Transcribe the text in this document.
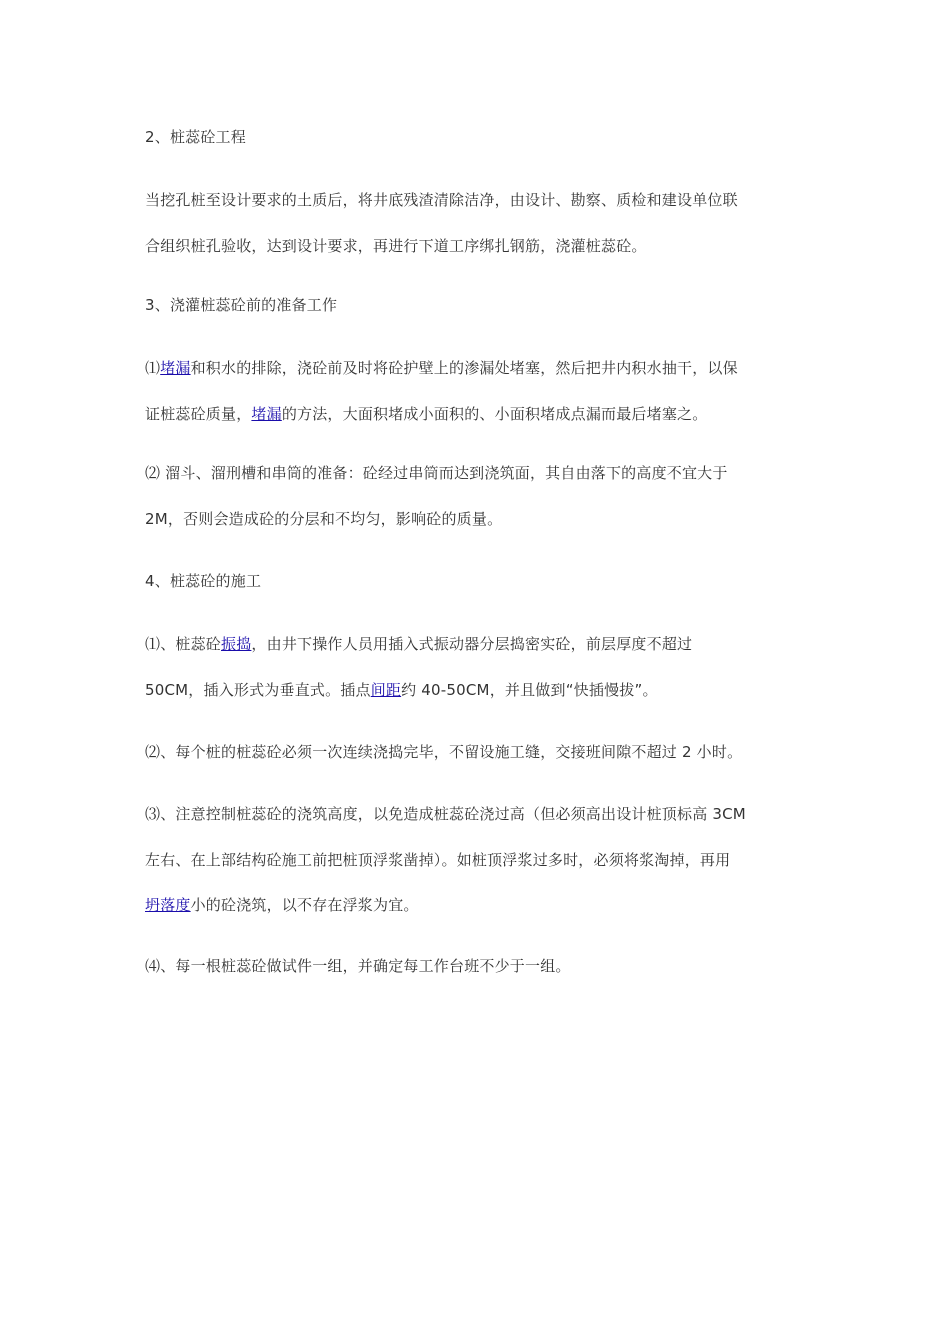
2、桩蕊砼工程
当挖孔桩至设计要求的土质后，将井底残渣清除洁净，由设计、勘察、质检和建设单位联
合组织桩孔验收，达到设计要求，再进行下道工序绑扎钢筋，浇灌桩蕊砼。
3、浇灌桩蕊砼前的准备工作
⑴堵漏和积水的排除，浇砼前及时将砼护壁上的渗漏处堵塞，然后把井内积水抽干，以保
证桩蕊砼质量，堵漏的方法，大面积堵成小面积的、小面积堵成点漏而最后堵塞之。
⑵ 溜斗、溜刑槽和串筒的准备：砼经过串筒而达到浇筑面，其自由落下的高度不宜大于
2M，否则会造成砼的分层和不均匀，影响砼的质量。
4、桩蕊砼的施工
⑴、桩蕊砼振捣，由井下操作人员用插入式振动器分层捣密实砼，前层厚度不超过
50CM，插入形式为垂直式。插点间距约 40-50CM，并且做到“快插慢拔”。
⑵、每个桩的桩蕊砼必须一次连续浇捣完毕，不留设施工缝，交接班间隙不超过 2 小时。
⑶、注意控制桩蕊砼的浇筑高度，以免造成桩蕊砼浇过高（但必须高出设计桩顶标高 3CM
左右、在上部结构砼施工前把桩顶浮浆凿掉）。如桩顶浮浆过多时，必须将浆淘掉，再用
坍落度小的砼浇筑，以不存在浮浆为宜。
⑷、每一根桩蕊砼做试件一组，并确定每工作台班不少于一组。
